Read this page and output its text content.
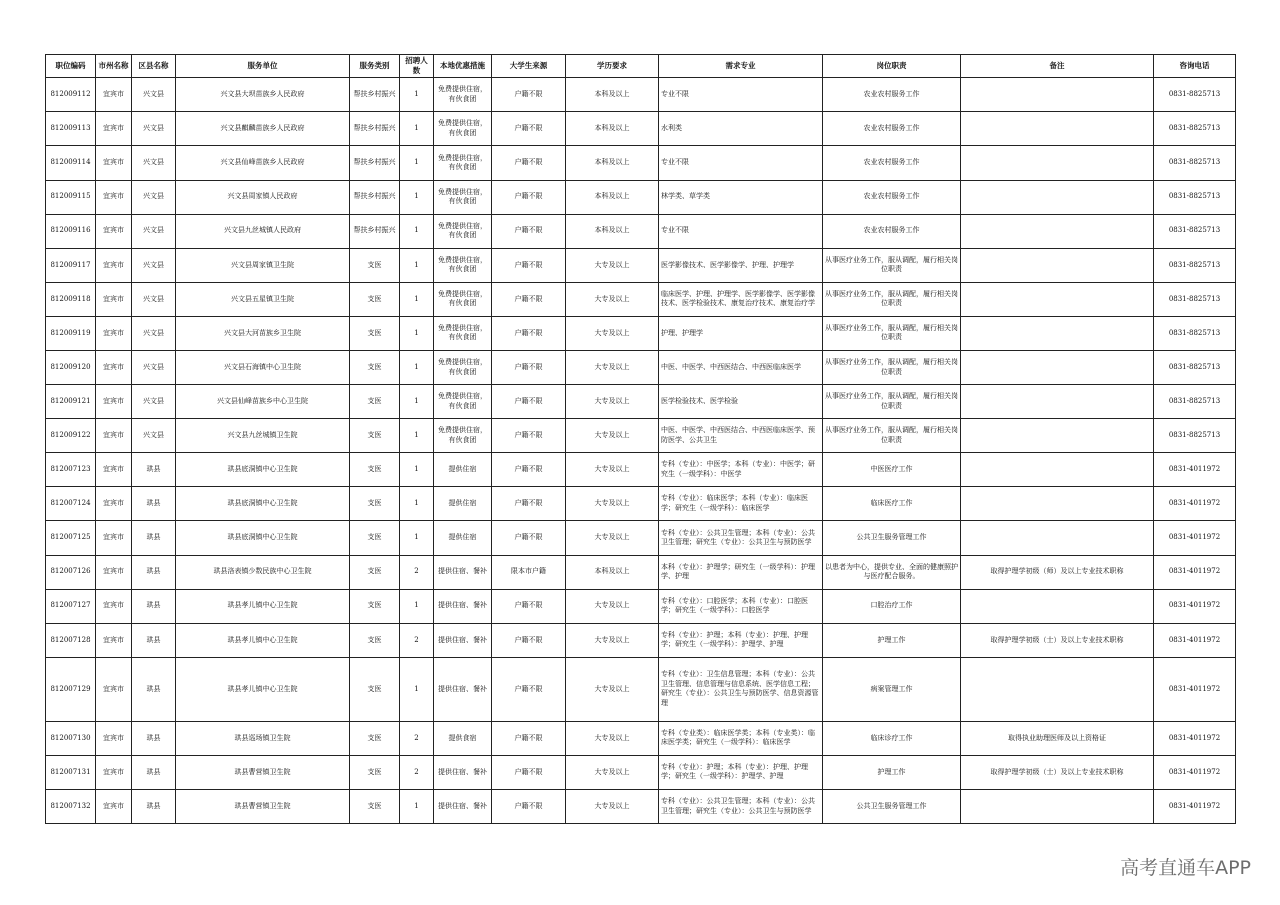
职位编码	市州名称	区县名称	服务单位	服务类别	招聘人数	本地优惠措施	大学生来源	学历要求	需求专业	岗位职责	备注	咨询电话
812009112	宜宾市	兴文县	兴文县大坝苗族乡人民政府	帮扶乡村振兴	1	免费提供住宿，有伙食团	户籍不限	本科及以上	专业不限	农业农村服务工作		0831-8825713
812009113	宜宾市	兴文县	兴文县麒麟苗族乡人民政府	帮扶乡村振兴	1	免费提供住宿，有伙食团	户籍不限	本科及以上	水利类	农业农村服务工作		0831-8825713
812009114	宜宾市	兴文县	兴文县仙峰苗族乡人民政府	帮扶乡村振兴	1	免费提供住宿，有伙食团	户籍不限	本科及以上	专业不限	农业农村服务工作		0831-8825713
812009115	宜宾市	兴文县	兴文县周家镇人民政府	帮扶乡村振兴	1	免费提供住宿，有伙食团	户籍不限	本科及以上	林学类、草学类	农业农村服务工作		0831-8825713
812009116	宜宾市	兴文县	兴文县九丝城镇人民政府	帮扶乡村振兴	1	免费提供住宿，有伙食团	户籍不限	本科及以上	专业不限	农业农村服务工作		0831-8825713
812009117	宜宾市	兴文县	兴文县周家镇卫生院	支医	1	免费提供住宿，有伙食团	户籍不限	大专及以上	医学影像技术、医学影像学、护理、护理学	从事医疗业务工作，服从调配，履行相关岗位职责		0831-8825713
812009118	宜宾市	兴文县	兴文县五星镇卫生院	支医	1	免费提供住宿，有伙食团	户籍不限	大专及以上	临床医学、护理、护理学、医学影像学、医学影像技术、医学检验技术、康复治疗技术、康复治疗学	从事医疗业务工作，服从调配，履行相关岗位职责		0831-8825713
812009119	宜宾市	兴文县	兴文县大河苗族乡卫生院	支医	1	免费提供住宿，有伙食团	户籍不限	大专及以上	护理、护理学	从事医疗业务工作，服从调配，履行相关岗位职责		0831-8825713
812009120	宜宾市	兴文县	兴文县石海镇中心卫生院	支医	1	免费提供住宿，有伙食团	户籍不限	大专及以上	中医、中医学、中西医结合、中西医临床医学	从事医疗业务工作，服从调配，履行相关岗位职责		0831-8825713
812009121	宜宾市	兴文县	兴文县仙峰苗族乡中心卫生院	支医	1	免费提供住宿，有伙食团	户籍不限	大专及以上	医学检验技术、医学检验	从事医疗业务工作，服从调配，履行相关岗位职责		0831-8825713
812009122	宜宾市	兴文县	兴文县九丝城镇卫生院	支医	1	免费提供住宿，有伙食团	户籍不限	大专及以上	中医、中医学、中西医结合、中西医临床医学、预防医学、公共卫生	从事医疗业务工作，服从调配，履行相关岗位职责		0831-8825713
812007123	宜宾市	珙县	珙县底洞镇中心卫生院	支医	1	提供住宿	户籍不限	大专及以上	专科（专业）：中医学；本科（专业）：中医学；研究生（一级学科）：中医学	中医医疗工作		0831-4011972
812007124	宜宾市	珙县	珙县底洞镇中心卫生院	支医	1	提供住宿	户籍不限	大专及以上	专科（专业）：临床医学；本科（专业）：临床医学；研究生（一级学科）：临床医学	临床医疗工作		0831-4011972
812007125	宜宾市	珙县	珙县底洞镇中心卫生院	支医	1	提供住宿	户籍不限	大专及以上	专科（专业）：公共卫生管理；本科（专业）：公共卫生管理；研究生（专业）：公共卫生与预防医学	公共卫生服务管理工作		0831-4011972
812007126	宜宾市	珙县	珙县洛表镇少数民族中心卫生院	支医	2	提供住宿、餐补	限本市户籍	本科及以上	本科（专业）：护理学；研究生（一级学科）：护理学、护理	以患者为中心，提供专业、全面的健康照护与医疗配合服务。	取得护理学初级（师）及以上专业技术职称	0831-4011972
812007127	宜宾市	珙县	珙县孝儿镇中心卫生院	支医	1	提供住宿、餐补	户籍不限	大专及以上	专科（专业）：口腔医学；本科（专业）：口腔医学；研究生（一级学科）：口腔医学	口腔治疗工作		0831-4011972
812007128	宜宾市	珙县	珙县孝儿镇中心卫生院	支医	2	提供住宿、餐补	户籍不限	大专及以上	专科（专业）：护理；本科（专业）：护理、护理学；研究生（一级学科）：护理学、护理	护理工作	取得护理学初级（士）及以上专业技术职称	0831-4011972
812007129	宜宾市	珙县	珙县孝儿镇中心卫生院	支医	1	提供住宿、餐补	户籍不限	大专及以上	专科（专业）：卫生信息管理；本科（专业）：公共卫生管理、信息管理与信息系统、医学信息工程；研究生（专业）：公共卫生与预防医学、信息资源管理	病案管理工作		0831-4011972
812007130	宜宾市	珙县	珙县巡场镇卫生院	支医	2	提供食宿	户籍不限	大专及以上	专科（专业类）：临床医学类；本科（专业类）：临床医学类；研究生（一级学科）：临床医学	临床诊疗工作	取得执业助理医师及以上资格证	0831-4011972
812007131	宜宾市	珙县	珙县曹营镇卫生院	支医	2	提供住宿、餐补	户籍不限	大专及以上	专科（专业）：护理；本科（专业）：护理、护理学；研究生（一级学科）：护理学、护理	护理工作	取得护理学初级（士）及以上专业技术职称	0831-4011972
812007132	宜宾市	珙县	珙县曹营镇卫生院	支医	1	提供住宿、餐补	户籍不限	大专及以上	专科（专业）：公共卫生管理；本科（专业）：公共卫生管理；研究生（专业）：公共卫生与预防医学	公共卫生服务管理工作		0831-4011972
高考直通车APP
